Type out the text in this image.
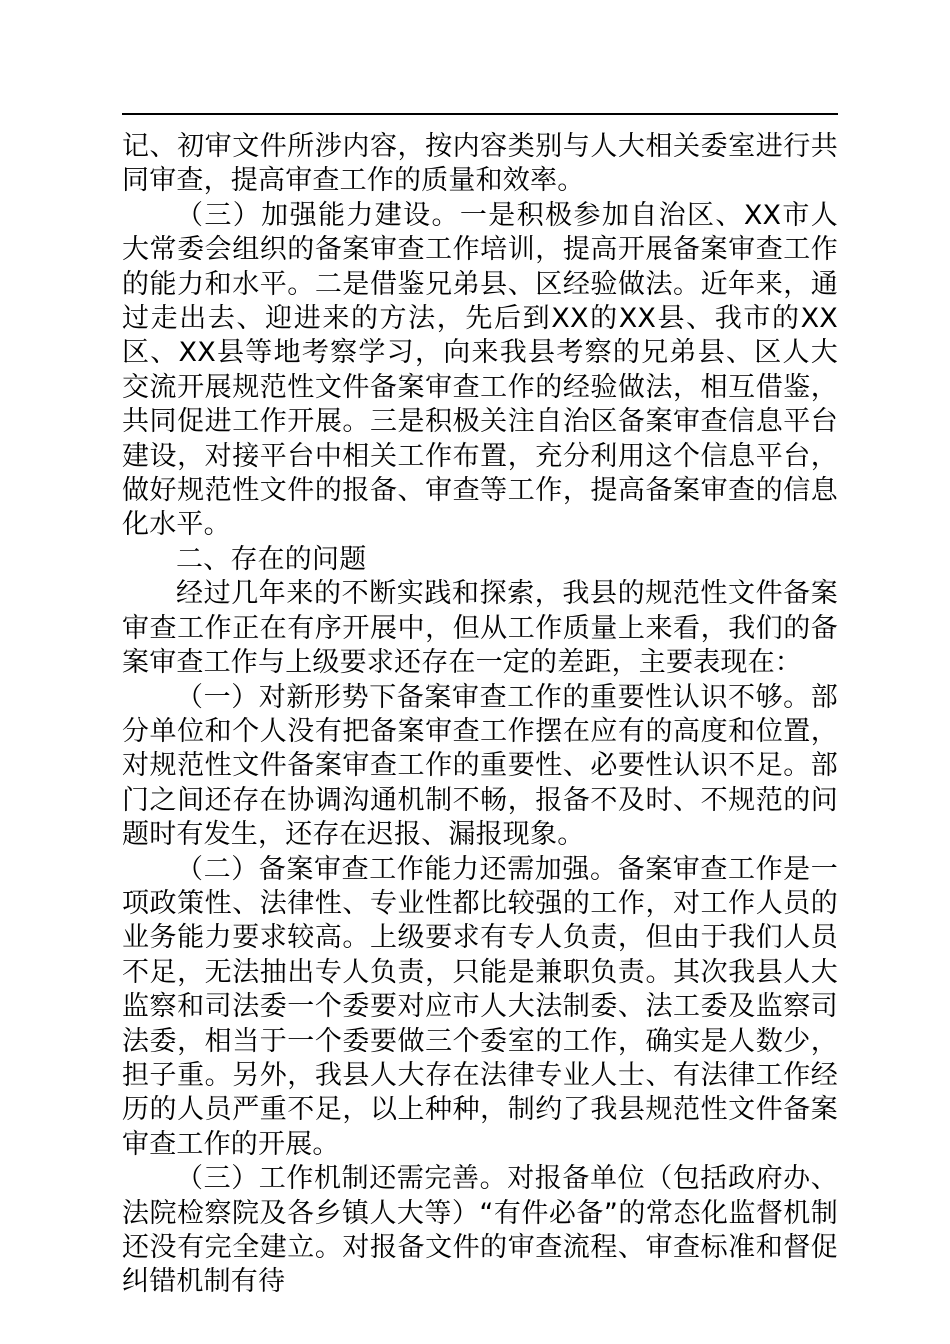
记、初审文件所涉内容，按内容类别与人大相关委室进行共同审查，提高审查工作的质量和效率。

（三）加强能力建设。一是积极参加自治区、XX市人大常委会组织的备案审查工作培训，提高开展备案审查工作的能力和水平。二是借鉴兄弟县、区经验做法。近年来，通过走出去、迎进来的方法，先后到XX的XX县、我市的XX区、XX县等地考察学习，向来我县考察的兄弟县、区人大交流开展规范性文件备案审查工作的经验做法，相互借鉴，共同促进工作开展。三是积极关注自治区备案审查信息平台建设，对接平台中相关工作布置，充分利用这个信息平台，做好规范性文件的报备、审查等工作，提高备案审查的信息化水平。

二、存在的问题

经过几年来的不断实践和探索，我县的规范性文件备案审查工作正在有序开展中，但从工作质量上来看，我们的备案审查工作与上级要求还存在一定的差距，主要表现在：

（一）对新形势下备案审查工作的重要性认识不够。部分单位和个人没有把备案审查工作摆在应有的高度和位置，对规范性文件备案审查工作的重要性、必要性认识不足。部门之间还存在协调沟通机制不畅，报备不及时、不规范的问题时有发生，还存在迟报、漏报现象。

（二）备案审查工作能力还需加强。备案审查工作是一项政策性、法律性、专业性都比较强的工作，对工作人员的业务能力要求较高。上级要求有专人负责，但由于我们人员不足，无法抽出专人负责，只能是兼职负责。其次我县人大监察和司法委一个委要对应市人大法制委、法工委及监察司法委，相当于一个委要做三个委室的工作，确实是人数少，担子重。另外，我县人大存在法律专业人士、有法律工作经历的人员严重不足，以上种种，制约了我县规范性文件备案审查工作的开展。

（三）工作机制还需完善。对报备单位（包括政府办、法院检察院及各乡镇人大等）“有件必备”的常态化监督机制还没有完全建立。对报备文件的审查流程、审查标准和督促纠错机制有待
